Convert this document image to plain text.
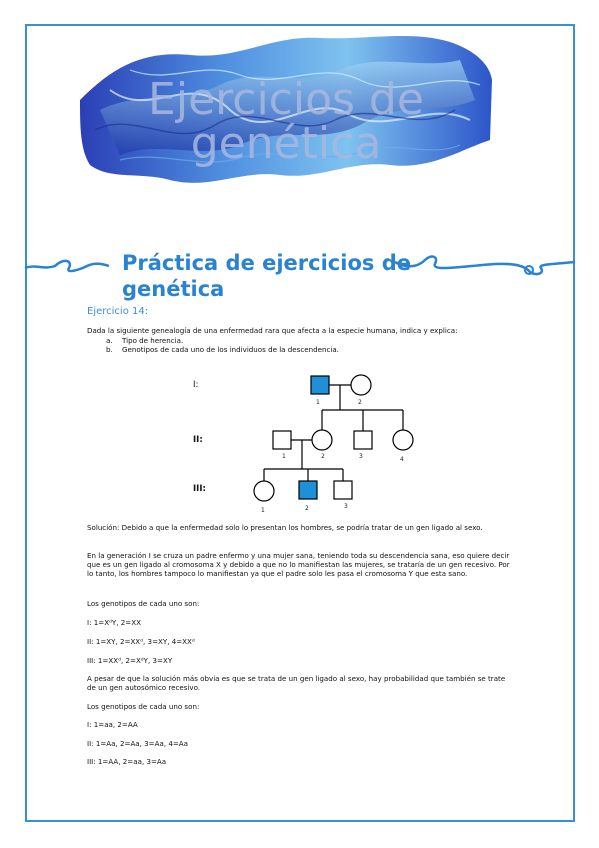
Ejercicios de genética
Práctica de ejercicios de genética
Ejercicio 14:
Dada la siguiente genealogía de una enfermedad rara que afecta a la especie humana, indica y explica:
a. Tipo de herencia.
b. Genotipos de cada uno de los individuos de la descendencia.
I:
II:
III:
1	2
1	2	3	4
1	2	3
Solución: Debido a que la enfermedad solo lo presentan los hombres, se podría tratar de un gen ligado al sexo.
En la generación I se cruza un padre enfermo y una mujer sana, teniendo toda su descendencia sana, eso quiere decir que es un gen ligado al cromosoma X y debido a que no lo manifiestan las mujeres, se trataría de un gen recesivo. Por lo tanto, los hombres tampoco lo manifiestan ya que el padre solo les pasa el cromosoma Y que esta sano.
Los genotipos de cada uno son:
I: 1=XᵈY, 2=XX
II: 1=XY, 2=XXᵈ, 3=XY, 4=XXᵈ
III: 1=XXᵈ, 2=XᵈY, 3=XY
A pesar de que la solución más obvia es que se trata de un gen ligado al sexo, hay probabilidad que también se trate de un gen autosómico recesivo.
Los genotipos de cada uno son:
I: 1=aa, 2=AA
II: 1=Aa, 2=Aa, 3=Aa, 4=Aa
III: 1=AA, 2=aa, 3=Aa
